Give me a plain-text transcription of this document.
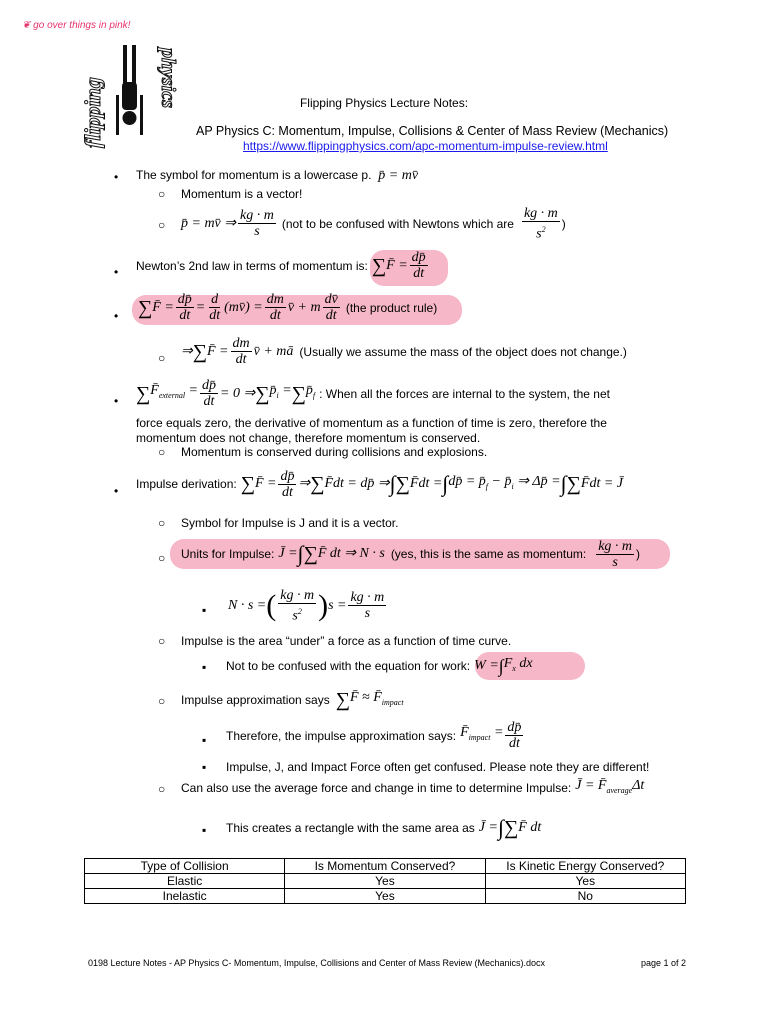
❦ go over things in pink!
flipping	physics	Flipping Physics Lecture Notes:
AP Physics C: Momentum, Impulse, Collisions & Center of Mass Review (Mechanics)
https://www.flippingphysics.com/apc-momentum-impulse-review.html
• The symbol for momentum is a lowercase p.  p̄ = mv̄
○ Momentum is a vector!
○ p̄ = mv̄ ⇒ $\frac{kg \cdot m}{s} (not$ to be confused with Newtons which are $\frac{kg \cdot m}{s^2}$ )
• Newton’s 2nd law in terms of momentum is: ∑ F̄ = $\frac{dp̄}{dt}$
• ∑ F̄ = $\frac{dp̄}{dt} = \frac{d}{dt}$ (mv̄) = $\frac{dm}{dt}$ v̄ + m $\frac{dv̄}{dt} (the$ product rule)
○ ⇒ ∑ F̄ = $\frac{dm}{dt}$ v̄ + mā (Usually we assume the mass of the object does not change.)
• ∑ $F̄_{external} = \frac{dp̄}{dt} = 0$ ⇒ ∑ $p̄_i$ = ∑ $p̄_f$ : When all the forces are internal to the system, the net
force equals zero, the derivative of momentum as a function of time is zero, therefore the
momentum does not change, therefore momentum is conserved.
○ Momentum is conserved during collisions and explosions.
• Impulse derivation: ∑ F̄ = $\frac{dp̄}{dt}$ ⇒ ∑ F̄dt = dp̄ ⇒ ∫ ∑ F̄dt = ∫ dp̄ = $p̄_f$ − $p̄_i$ ⇒ Δp̄ = ∫ ∑ F̄dt = J̄
○ Symbol for Impulse is J and it is a vector.
○ Units for Impulse: J̄ = ∫ ∑ F̄ dt ⇒ N · s (yes, this is the same as momentum: $\frac{kg \cdot m}{s}$ )
▪ N · s = ( $\frac{kg \cdot m}{s^2}$ ) $s = \frac{kg \cdot m}{s}$
○ Impulse is the area “under” a force as a function of time curve.
▪ Not to be confused with the equation for work: W = ∫ $F_x$ dx
○ Impulse approximation says ∑ F̄ ≈ $F̄_{impact}$
▪ Therefore, the impulse approximation says: $F̄_{impact} = \frac{dp̄}{dt}$
▪ Impulse, J, and Impact Force often get confused. Please note they are different!
○ Can also use the average force and change in time to determine Impulse: J̄ = $F̄_{average}\Delta t$
▪ This creates a rectangle with the same area as J̄ = ∫ ∑ F̄ dt
Type of Collision	Is Momentum Conserved?	Is Kinetic Energy Conserved?
Elastic	Yes	Yes
Inelastic	Yes	No
0198 Lecture Notes - AP Physics C- Momentum, Impulse, Collisions and Center of Mass Review (Mechanics).docx	page 1 of 2
